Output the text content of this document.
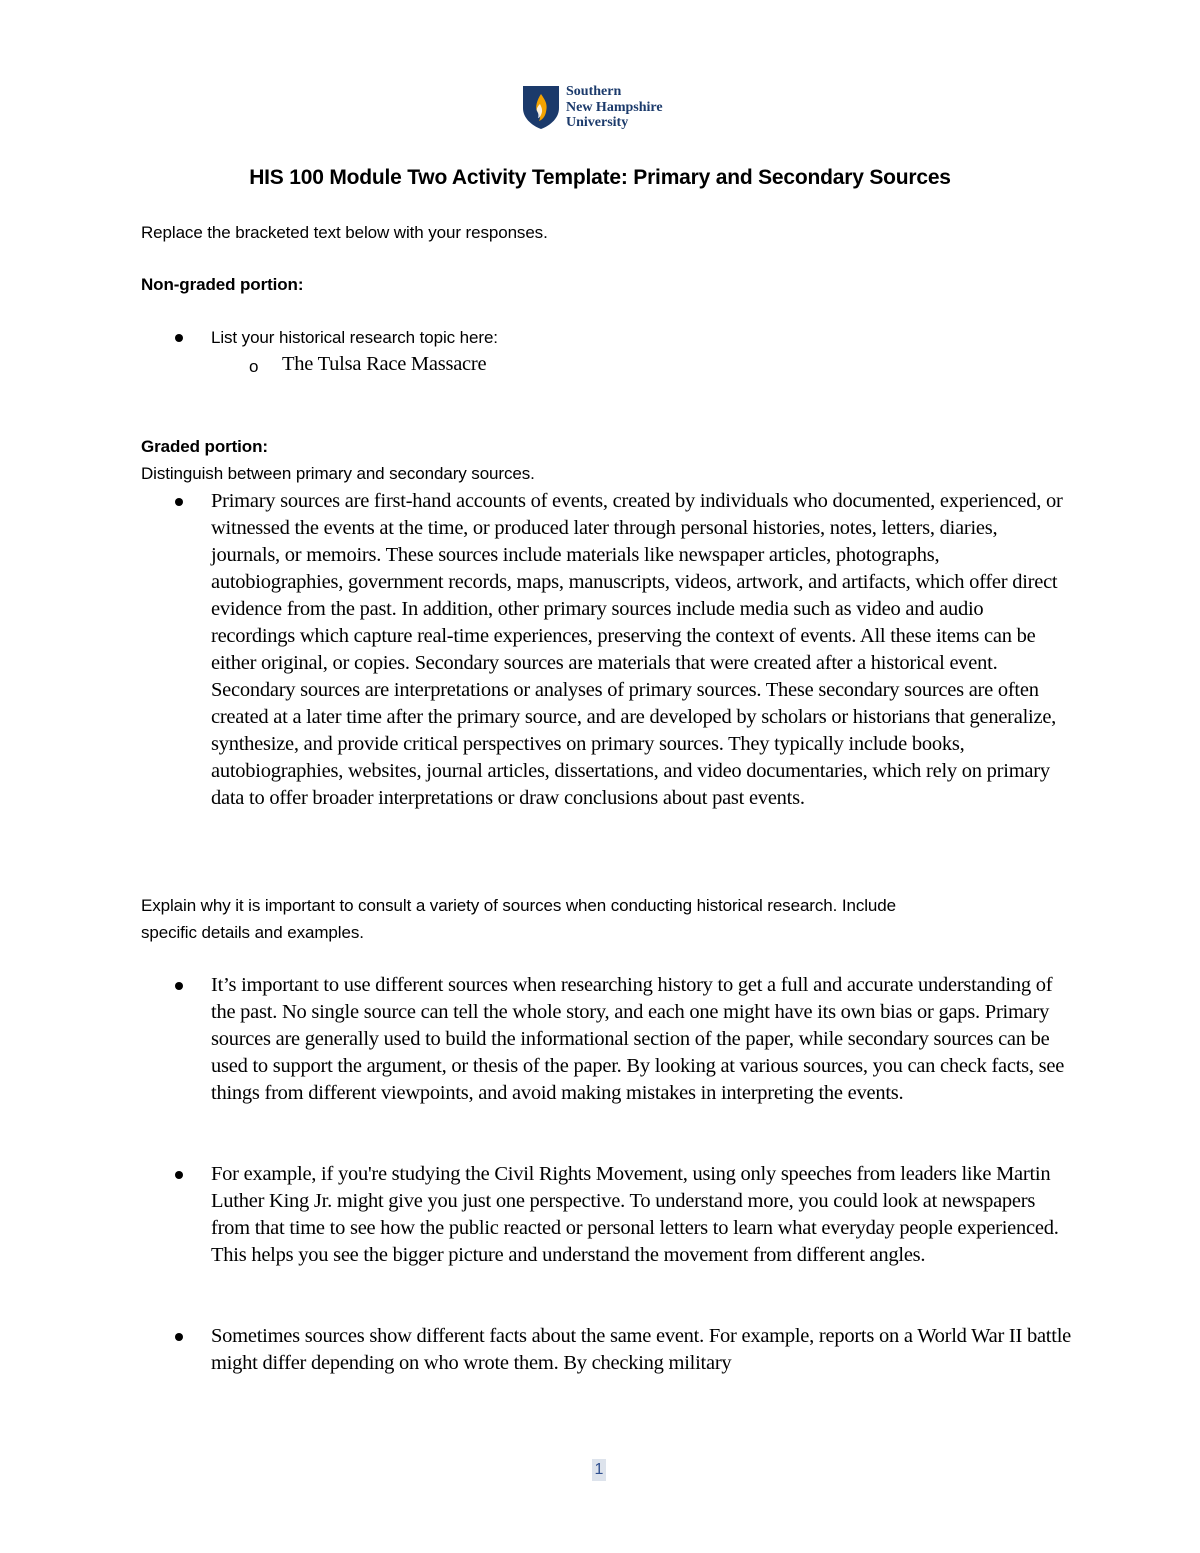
Southern
New Hampshire
University
HIS 100 Module Two Activity Template: Primary and Secondary Sources
Replace the bracketed text below with your responses.
Non-graded portion:
List your historical research topic here:
o The Tulsa Race Massacre
Graded portion:
Distinguish between primary and secondary sources.
Primary sources are first-hand accounts of events, created by individuals who documented, experienced, or witnessed the events at the time, or produced later through personal histories, notes, letters, diaries, journals, or memoirs. These sources include materials like newspaper articles, photographs, autobiographies, government records, maps, manuscripts, videos, artwork, and artifacts, which offer direct evidence from the past. In addition, other primary sources include media such as video and audio recordings which capture real-time experiences, preserving the context of events. All these items can be either original, or copies. Secondary sources are materials that were created after a historical event. Secondary sources are interpretations or analyses of primary sources. These secondary sources are often created at a later time after the primary source, and are developed by scholars or historians that generalize, synthesize, and provide critical perspectives on primary sources. They typically include books, autobiographies, websites, journal articles, dissertations, and video documentaries, which rely on primary data to offer broader interpretations or draw conclusions about past events.
Explain why it is important to consult a variety of sources when conducting historical research. Include
specific details and examples.
It’s important to use different sources when researching history to get a full and accurate understanding of the past. No single source can tell the whole story, and each one might have its own bias or gaps. Primary sources are generally used to build the informational section of the paper, while secondary sources can be used to support the argument, or thesis of the paper. By looking at various sources, you can check facts, see things from different viewpoints, and avoid making mistakes in interpreting the events.
For example, if you're studying the Civil Rights Movement, using only speeches from leaders like Martin Luther King Jr. might give you just one perspective. To understand more, you could look at newspapers from that time to see how the public reacted or personal letters to learn what everyday people experienced. This helps you see the bigger picture and understand the movement from different angles.
Sometimes sources show different facts about the same event. For example, reports on a World War II battle might differ depending on who wrote them. By checking military
1
